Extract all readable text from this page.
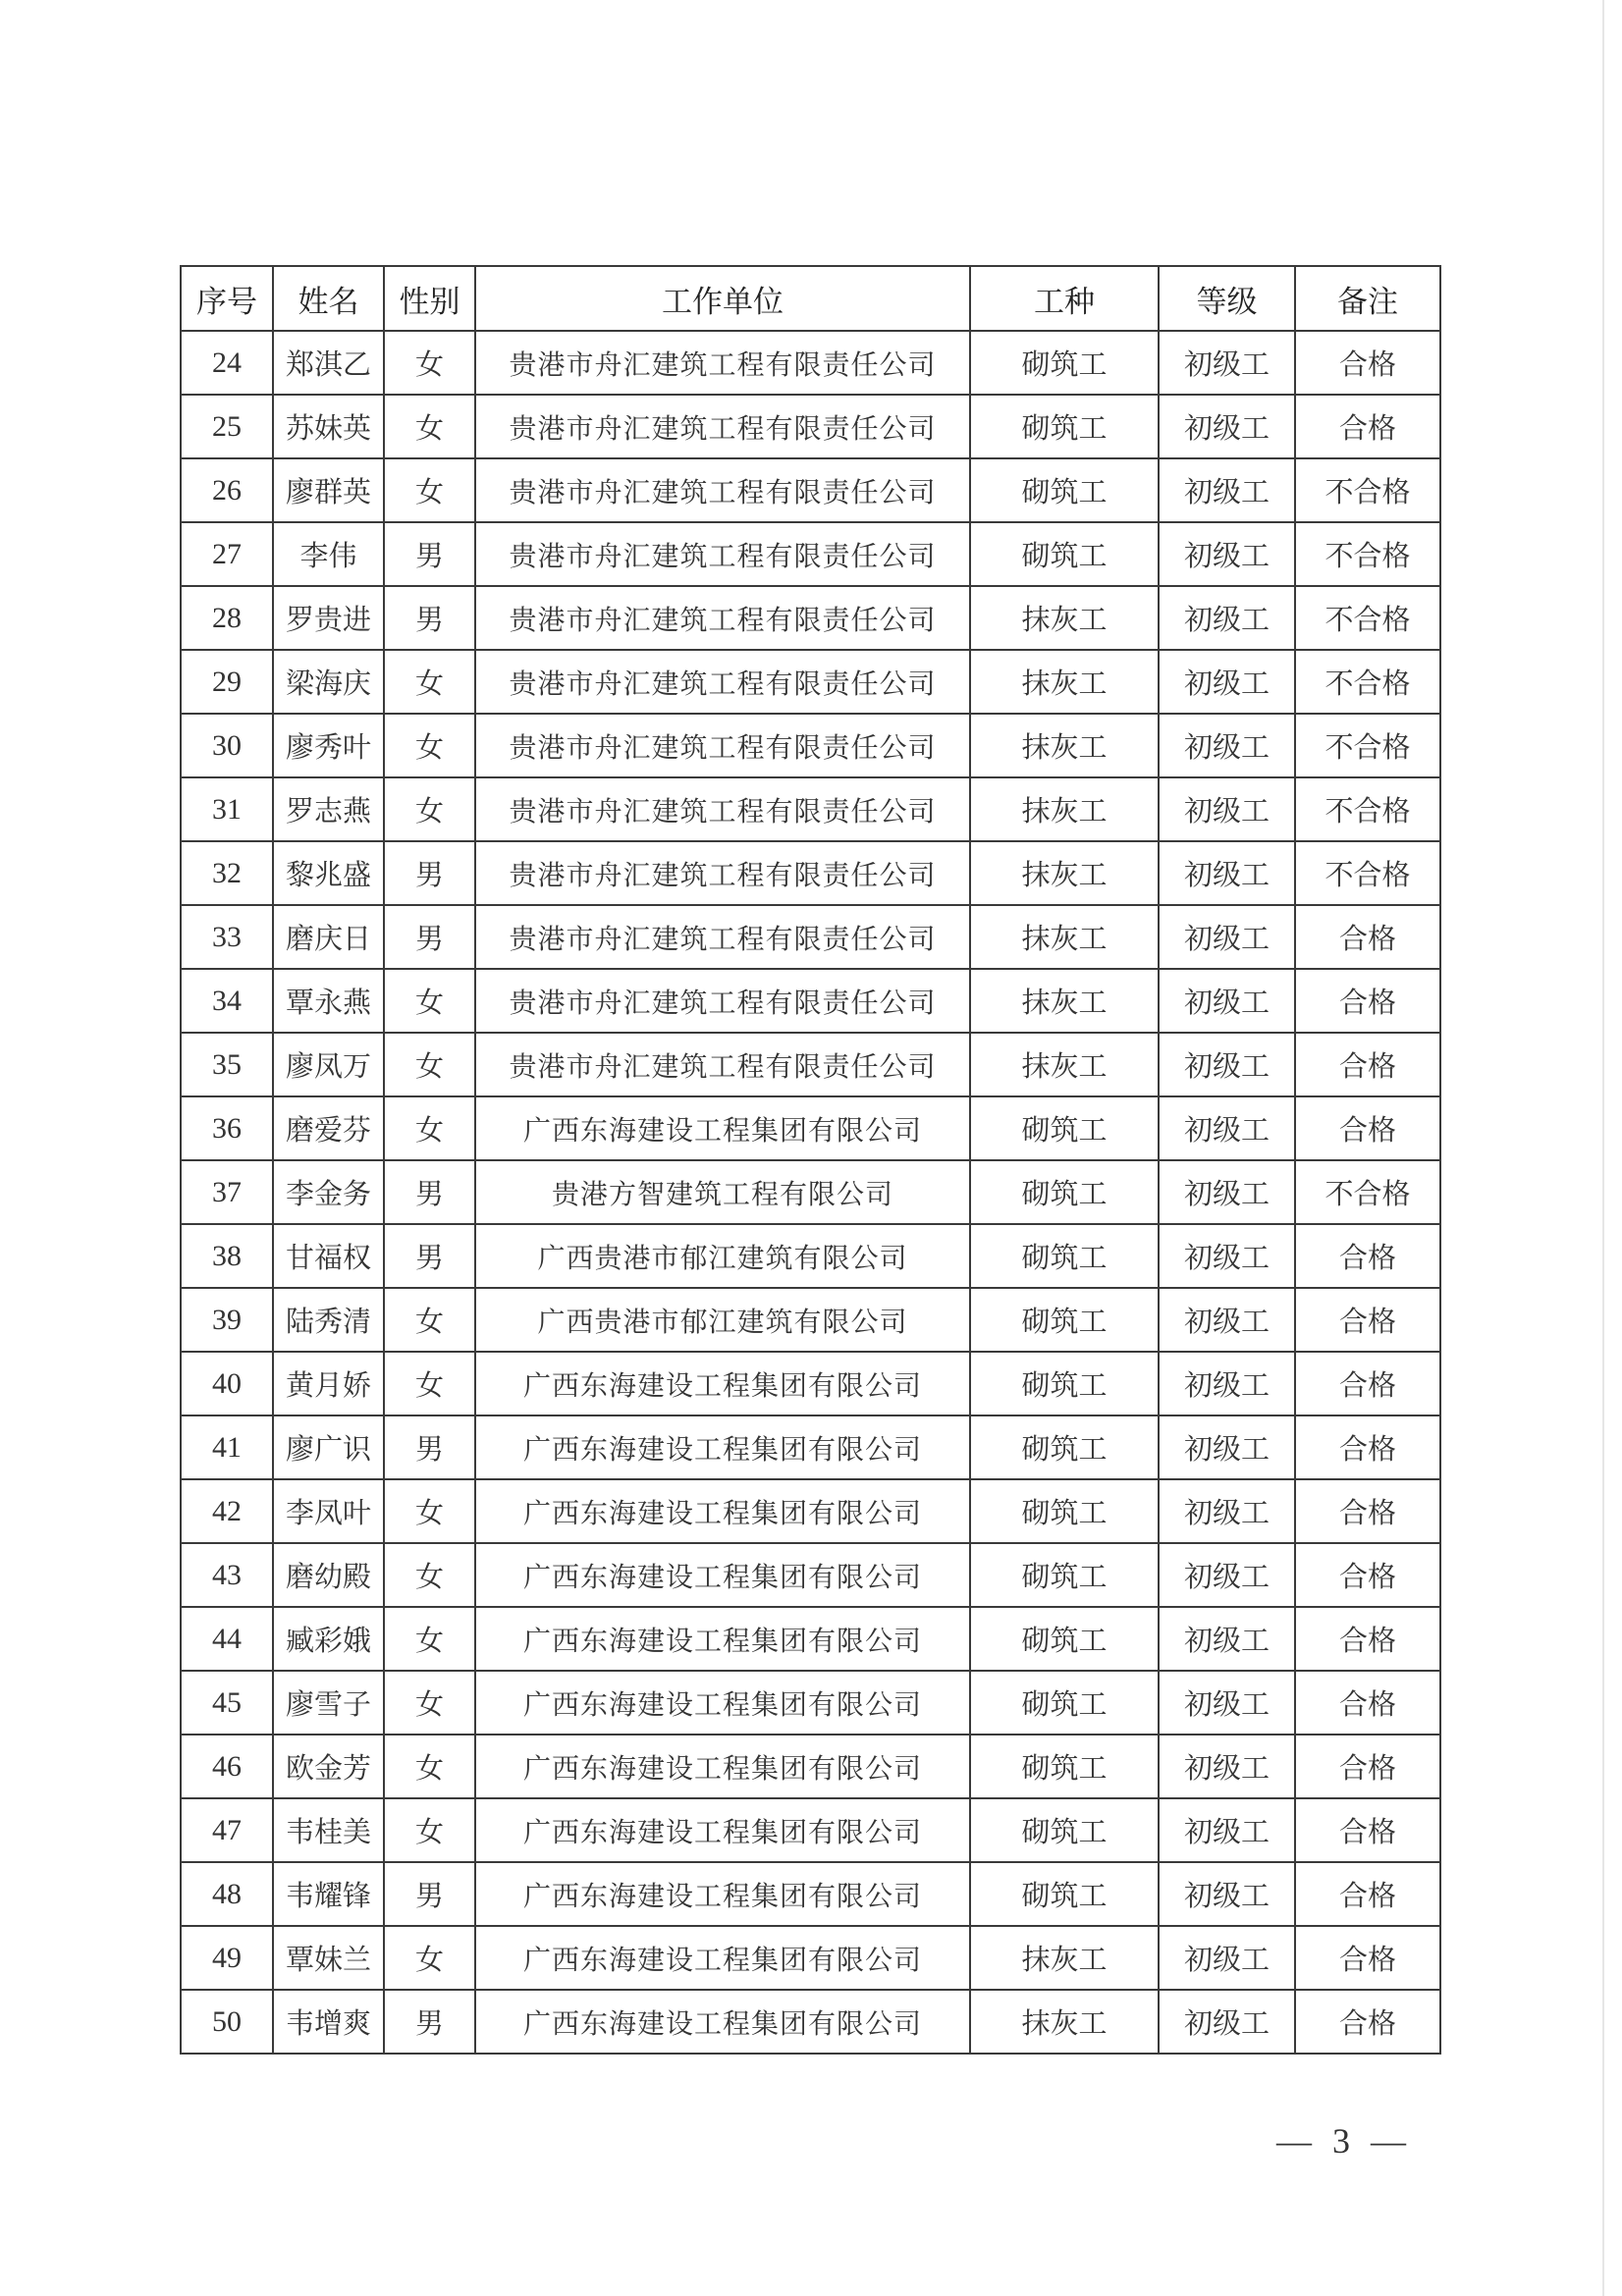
序号	姓名	性别	工作单位	工种	等级	备注
24	郑淇乙	女	贵港市舟汇建筑工程有限责任公司	砌筑工	初级工	合格
25	苏妹英	女	贵港市舟汇建筑工程有限责任公司	砌筑工	初级工	合格
26	廖群英	女	贵港市舟汇建筑工程有限责任公司	砌筑工	初级工	不合格
27	李伟	男	贵港市舟汇建筑工程有限责任公司	砌筑工	初级工	不合格
28	罗贵进	男	贵港市舟汇建筑工程有限责任公司	抹灰工	初级工	不合格
29	梁海庆	女	贵港市舟汇建筑工程有限责任公司	抹灰工	初级工	不合格
30	廖秀叶	女	贵港市舟汇建筑工程有限责任公司	抹灰工	初级工	不合格
31	罗志燕	女	贵港市舟汇建筑工程有限责任公司	抹灰工	初级工	不合格
32	黎兆盛	男	贵港市舟汇建筑工程有限责任公司	抹灰工	初级工	不合格
33	磨庆日	男	贵港市舟汇建筑工程有限责任公司	抹灰工	初级工	合格
34	覃永燕	女	贵港市舟汇建筑工程有限责任公司	抹灰工	初级工	合格
35	廖凤万	女	贵港市舟汇建筑工程有限责任公司	抹灰工	初级工	合格
36	磨爱芬	女	广西东海建设工程集团有限公司	砌筑工	初级工	合格
37	李金务	男	贵港方智建筑工程有限公司	砌筑工	初级工	不合格
38	甘福权	男	广西贵港市郁江建筑有限公司	砌筑工	初级工	合格
39	陆秀清	女	广西贵港市郁江建筑有限公司	砌筑工	初级工	合格
40	黄月娇	女	广西东海建设工程集团有限公司	砌筑工	初级工	合格
41	廖广识	男	广西东海建设工程集团有限公司	砌筑工	初级工	合格
42	李凤叶	女	广西东海建设工程集团有限公司	砌筑工	初级工	合格
43	磨幼殿	女	广西东海建设工程集团有限公司	砌筑工	初级工	合格
44	臧彩娥	女	广西东海建设工程集团有限公司	砌筑工	初级工	合格
45	廖雪子	女	广西东海建设工程集团有限公司	砌筑工	初级工	合格
46	欧金芳	女	广西东海建设工程集团有限公司	砌筑工	初级工	合格
47	韦桂美	女	广西东海建设工程集团有限公司	砌筑工	初级工	合格
48	韦耀锋	男	广西东海建设工程集团有限公司	砌筑工	初级工	合格
49	覃妹兰	女	广西东海建设工程集团有限公司	抹灰工	初级工	合格
50	韦增爽	男	广西东海建设工程集团有限公司	抹灰工	初级工	合格
— 3 —
